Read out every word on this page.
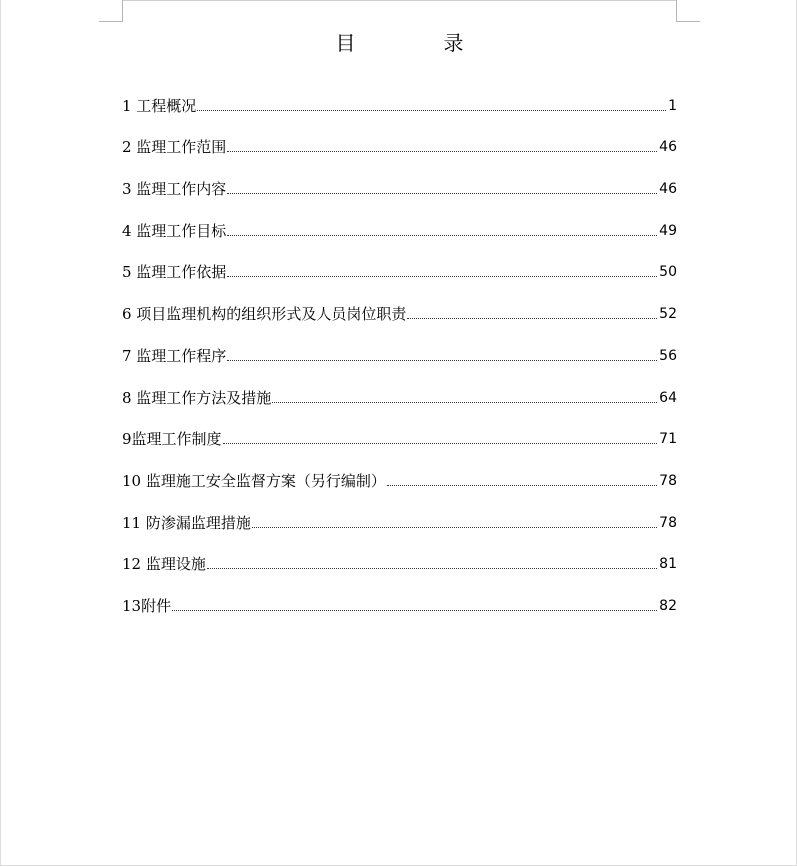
目　录
1 工程概况	1
2 监理工作范围	46
3 监理工作内容	46
4 监理工作目标	49
5 监理工作依据	50
6 项目监理机构的组织形式及人员岗位职责	52
7 监理工作程序	56
8 监理工作方法及措施	64
9监理工作制度	71
10 监理施工安全监督方案（另行编制）	78
11 防渗漏监理措施	78
12 监理设施	81
13附件	82
